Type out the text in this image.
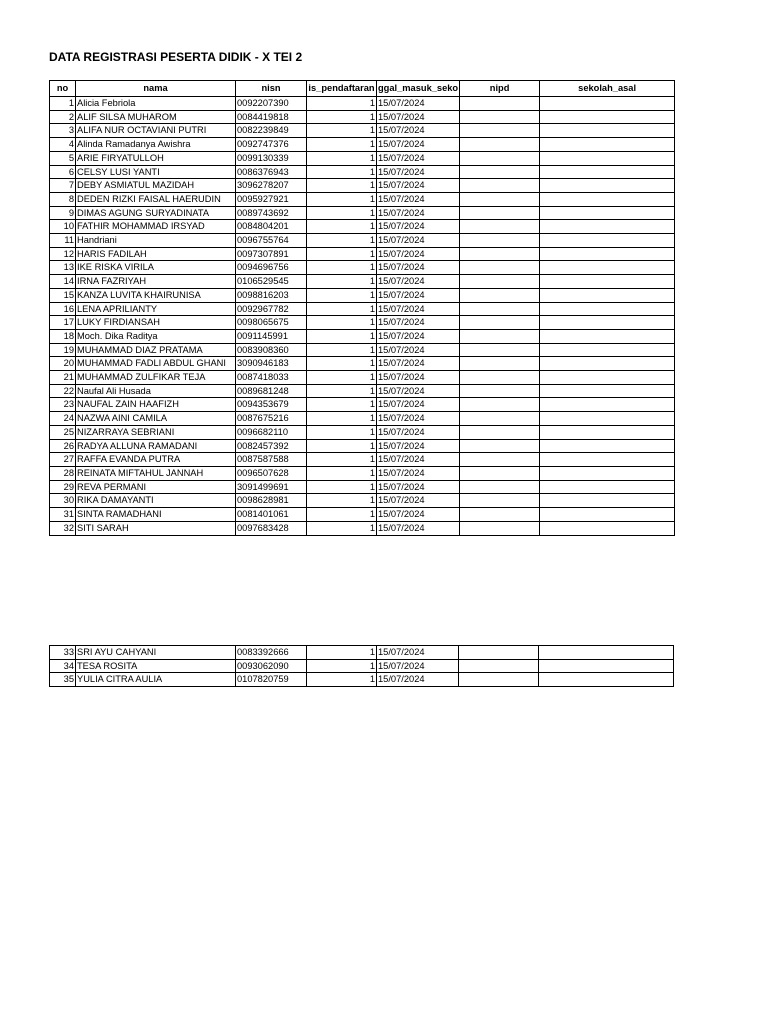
DATA REGISTRASI PESERTA DIDIK - X TEI 2
no	nama	nisn	is_pendaftaran	ggal_masuk_seko	nipd	sekolah_asal
1	Alicia Febriola	0092207390	1	15/07/2024		
2	ALIF SILSA MUHAROM	0084419818	1	15/07/2024		
3	ALIFA NUR OCTAVIANI PUTRI	0082239849	1	15/07/2024		
4	Alinda Ramadanya Awishra	0092747376	1	15/07/2024		
5	ARIE FIRYATULLOH	0099130339	1	15/07/2024		
6	CELSY LUSI YANTI	0086376943	1	15/07/2024		
7	DEBY ASMIATUL MAZIDAH	3096278207	1	15/07/2024		
8	DEDEN RIZKI FAISAL HAERUDIN	0095927921	1	15/07/2024		
9	DIMAS AGUNG SURYADINATA	0089743692	1	15/07/2024		
10	FATHIR MOHAMMAD IRSYAD	0084804201	1	15/07/2024		
11	Handriani	0096755764	1	15/07/2024		
12	HARIS FADILAH	0097307891	1	15/07/2024		
13	IKE RISKA VIRILA	0094696756	1	15/07/2024		
14	IRNA FAZRIYAH	0106529545	1	15/07/2024		
15	KANZA LUVITA KHAIRUNISA	0098816203	1	15/07/2024		
16	LENA APRILIANTY	0092967782	1	15/07/2024		
17	LUKY FIRDIANSAH	0098065675	1	15/07/2024		
18	Moch. Dika Raditya	0091145991	1	15/07/2024		
19	MUHAMMAD DIAZ PRATAMA	0083908360	1	15/07/2024		
20	MUHAMMAD FADLI ABDUL GHANI	3090946183	1	15/07/2024		
21	MUHAMMAD ZULFIKAR TEJA	0087418033	1	15/07/2024		
22	Naufal Ali Husada	0089681248	1	15/07/2024		
23	NAUFAL ZAIN HAAFIZH	0094353679	1	15/07/2024		
24	NAZWA AINI CAMILA	0087675216	1	15/07/2024		
25	NIZARRAYA SEBRIANI	0096682110	1	15/07/2024		
26	RADYA ALLUNA RAMADANI	0082457392	1	15/07/2024		
27	RAFFA EVANDA PUTRA	0087587588	1	15/07/2024		
28	REINATA MIFTAHUL JANNAH	0096507628	1	15/07/2024		
29	REVA PERMANI	3091499691	1	15/07/2024		
30	RIKA DAMAYANTI	0098628981	1	15/07/2024		
31	SINTA RAMADHANI	0081401061	1	15/07/2024		
32	SITI SARAH	0097683428	1	15/07/2024		
33	SRI AYU CAHYANI	0083392666	1	15/07/2024		
34	TESA ROSITA	0093062090	1	15/07/2024		
35	YULIA CITRA AULIA	0107820759	1	15/07/2024		
